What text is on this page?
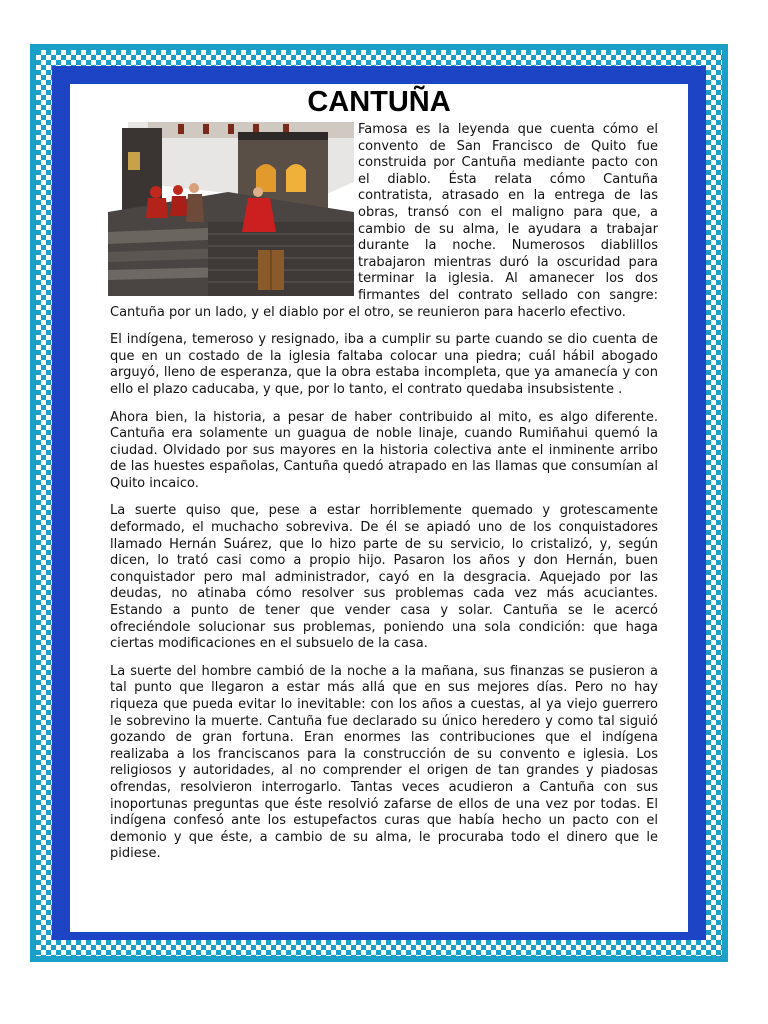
CANTUÑA

Famosa es la leyenda que cuenta cómo el convento de San Francisco de Quito fue construida por Cantuña mediante pacto con el diablo. Ésta relata cómo Cantuña contratista, atrasado en la entrega de las obras, transó con el maligno para que, a cambio de su alma, le ayudara a trabajar durante la noche. Numerosos diablillos trabajaron mientras duró la oscuridad para terminar la iglesia. Al amanecer los dos firmantes del contrato sellado con sangre: Cantuña por un lado, y el diablo por el otro, se reunieron para hacerlo efectivo.

El indígena, temeroso y resignado, iba a cumplir su parte cuando se dio cuenta de que en un costado de la iglesia faltaba colocar una piedra; cuál hábil abogado arguyó, lleno de esperanza, que la obra estaba incompleta, que ya amanecía y con ello el plazo caducaba, y que, por lo tanto, el contrato quedaba insubsistente .

Ahora bien, la historia, a pesar de haber contribuido al mito, es algo diferente. Cantuña era solamente un guagua de noble linaje, cuando Rumiñahui quemó la ciudad. Olvidado por sus mayores en la historia colectiva ante el inminente arribo de las huestes españolas, Cantuña quedó atrapado en las llamas que consumían al Quito incaico.

La suerte quiso que, pese a estar horriblemente quemado y grotescamente deformado, el muchacho sobreviva. De él se apiadó uno de los conquistadores llamado Hernán Suárez, que lo hizo parte de su servicio, lo cristalizó, y, según dicen, lo trató casi como a propio hijo. Pasaron los años y don Hernán, buen conquistador pero mal administrador, cayó en la desgracia. Aquejado por las deudas, no atinaba cómo resolver sus problemas cada vez más acuciantes. Estando a punto de tener que vender casa y solar. Cantuña se le acercó ofreciéndole solucionar sus problemas, poniendo una sola condición: que haga ciertas modificaciones en el subsuelo de la casa.

La suerte del hombre cambió de la noche a la mañana, sus finanzas se pusieron a tal punto que llegaron a estar más allá que en sus mejores días. Pero no hay riqueza que pueda evitar lo inevitable: con los años a cuestas, al ya viejo guerrero le sobrevino la muerte. Cantuña fue declarado su único heredero y como tal siguió gozando de gran fortuna. Eran enormes las contribuciones que el indígena realizaba a los franciscanos para la construcción de su convento e iglesia. Los religiosos y autoridades, al no comprender el origen de tan grandes y piadosas ofrendas, resolvieron interrogarlo. Tantas veces acudieron a Cantuña con sus inoportunas preguntas que éste resolvió zafarse de ellos de una vez por todas. El indígena confesó ante los estupefactos curas que había hecho un pacto con el demonio y que éste, a cambio de su alma, le procuraba todo el dinero que le pidiese.
